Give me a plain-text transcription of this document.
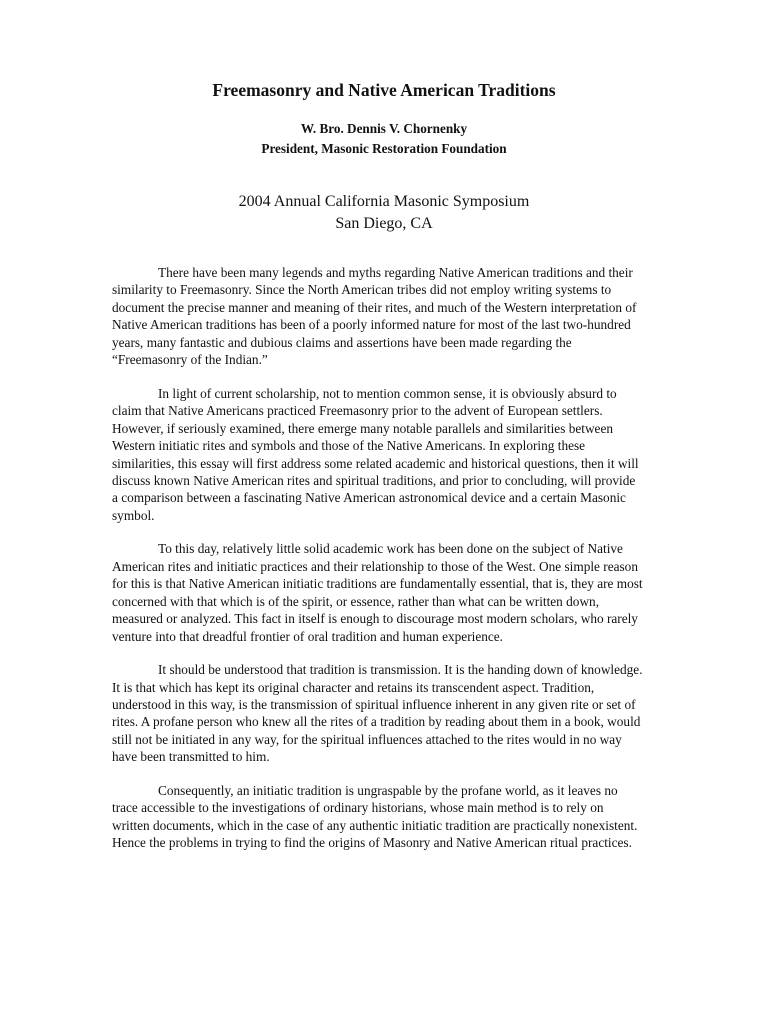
Freemasonry and Native American Traditions

W. Bro. Dennis V. Chornenky

President, Masonic Restoration Foundation

2004 Annual California Masonic Symposium

San Diego, CA

There have been many legends and myths regarding Native American traditions and their similarity to Freemasonry. Since the North American tribes did not employ writing systems to document the precise manner and meaning of their rites, and much of the Western interpretation of Native American traditions has been of a poorly informed nature for most of the last two-hundred years, many fantastic and dubious claims and assertions have been made regarding the “Freemasonry of the Indian.”

In light of current scholarship, not to mention common sense, it is obviously absurd to claim that Native Americans practiced Freemasonry prior to the advent of European settlers. However, if seriously examined, there emerge many notable parallels and similarities between Western initiatic rites and symbols and those of the Native Americans. In exploring these similarities, this essay will first address some related academic and historical questions, then it will discuss known Native American rites and spiritual traditions, and prior to concluding, will provide a comparison between a fascinating Native American astronomical device and a certain Masonic symbol.

To this day, relatively little solid academic work has been done on the subject of Native American rites and initiatic practices and their relationship to those of the West. One simple reason for this is that Native American initiatic traditions are fundamentally essential, that is, they are most concerned with that which is of the spirit, or essence, rather than what can be written down, measured or analyzed. This fact in itself is enough to discourage most modern scholars, who rarely venture into that dreadful frontier of oral tradition and human experience.

It should be understood that tradition is transmission. It is the handing down of knowledge. It is that which has kept its original character and retains its transcendent aspect. Tradition, understood in this way, is the transmission of spiritual influence inherent in any given rite or set of rites. A profane person who knew all the rites of a tradition by reading about them in a book, would still not be initiated in any way, for the spiritual influences attached to the rites would in no way have been transmitted to him.

Consequently, an initiatic tradition is ungraspable by the profane world, as it leaves no trace accessible to the investigations of ordinary historians, whose main method is to rely on written documents, which in the case of any authentic initiatic tradition are practically nonexistent. Hence the problems in trying to find the origins of Masonry and Native American ritual practices.
